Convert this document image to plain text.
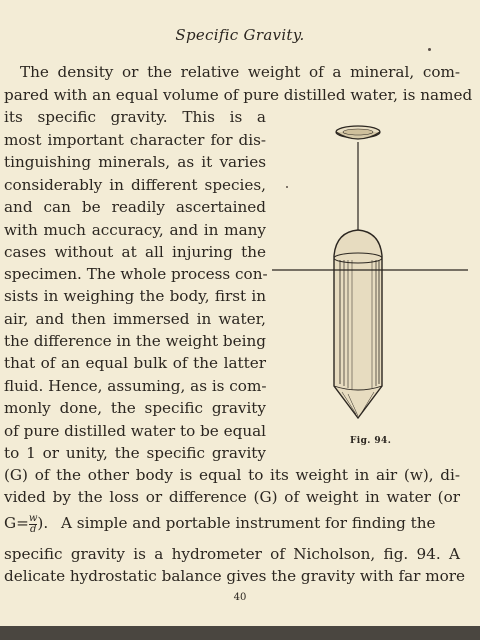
Specific Gravity.
The density or the relative weight of a mineral, com-
pared with an equal volume of pure distilled water, is named
its specific gravity. This is a
most important character for dis-
tinguishing minerals, as it varies
considerably in different species,
and can be readily ascertained
with much accuracy, and in many
cases without at all injuring the
specimen. The whole process con-
sists in weighing the body, first in
air, and then immersed in water,
the difference in the weight being
that of an equal bulk of the latter
fluid. Hence, assuming, as is com-
monly done, the specific gravity
of pure distilled water to be equal
to 1 or unity, the specific gravity
(G) of the other body is equal to its weight in air (w), di-
vided by the loss or difference (G) of weight in water (or
$G= \frac{w}{d}$ ). A simple and portable instrument for finding the
specific gravity is a hydrometer of Nicholson, fig. 94. A
delicate hydrostatic balance gives the gravity with far more
Fig. 94.
40
